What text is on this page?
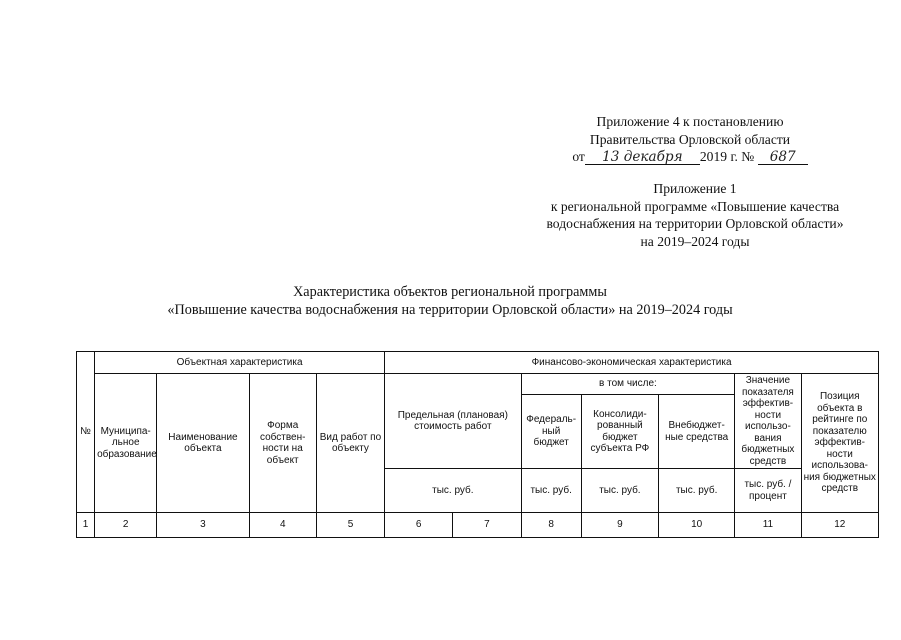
Приложение 4 к постановлению
Правительства Орловской области
от 13 декабря 2019 г. № 687
Приложение 1
к региональной программе «Повышение качества
водоснабжения на территории Орловской области»
на 2019–2024 годы
Характеристика объектов региональной программы
«Повышение качества водоснабжения на территории Орловской области» на 2019–2024 годы
№	Объектная характеристика				Финансово-экономическая характеристика						
	Муниципа-льное образование	Наименование объекта	Форма собствен- ности на объект	Вид работ по объекту	Предельная (плановая) стоимость работ		в том числе:			Значение показателя эффектив-ности использо-вания бюджетных средств	Позиция объекта в рейтинге по показателю эффектив-ности использова-ния бюджетных средств
							Федераль-ный бюджет	Консолиди-рованный бюджет субъекта РФ	Внебюджет-ные средства		
					тыс. руб.		тыс. руб.	тыс. руб.	тыс. руб.	тыс. руб. /процент	
1	2	3	4	5	6	7	8	9	10	11	12
